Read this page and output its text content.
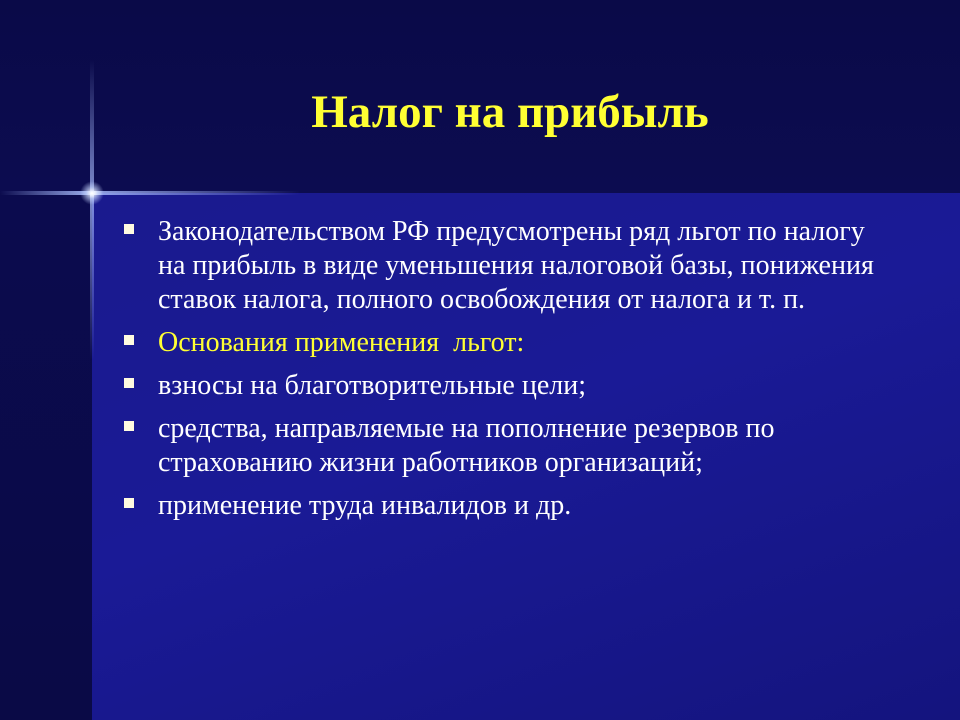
Налог на прибыль
Законодательством РФ предусмотрены ряд льгот по налогу на прибыль в виде уменьшения налоговой базы, понижения ставок налога, полного освобождения от налога и т. п.
Основания применения  льгот:
взносы на благотворительные цели;
средства, направляемые на пополнение резервов по страхованию жизни работников организаций;
применение труда инвалидов и др.
